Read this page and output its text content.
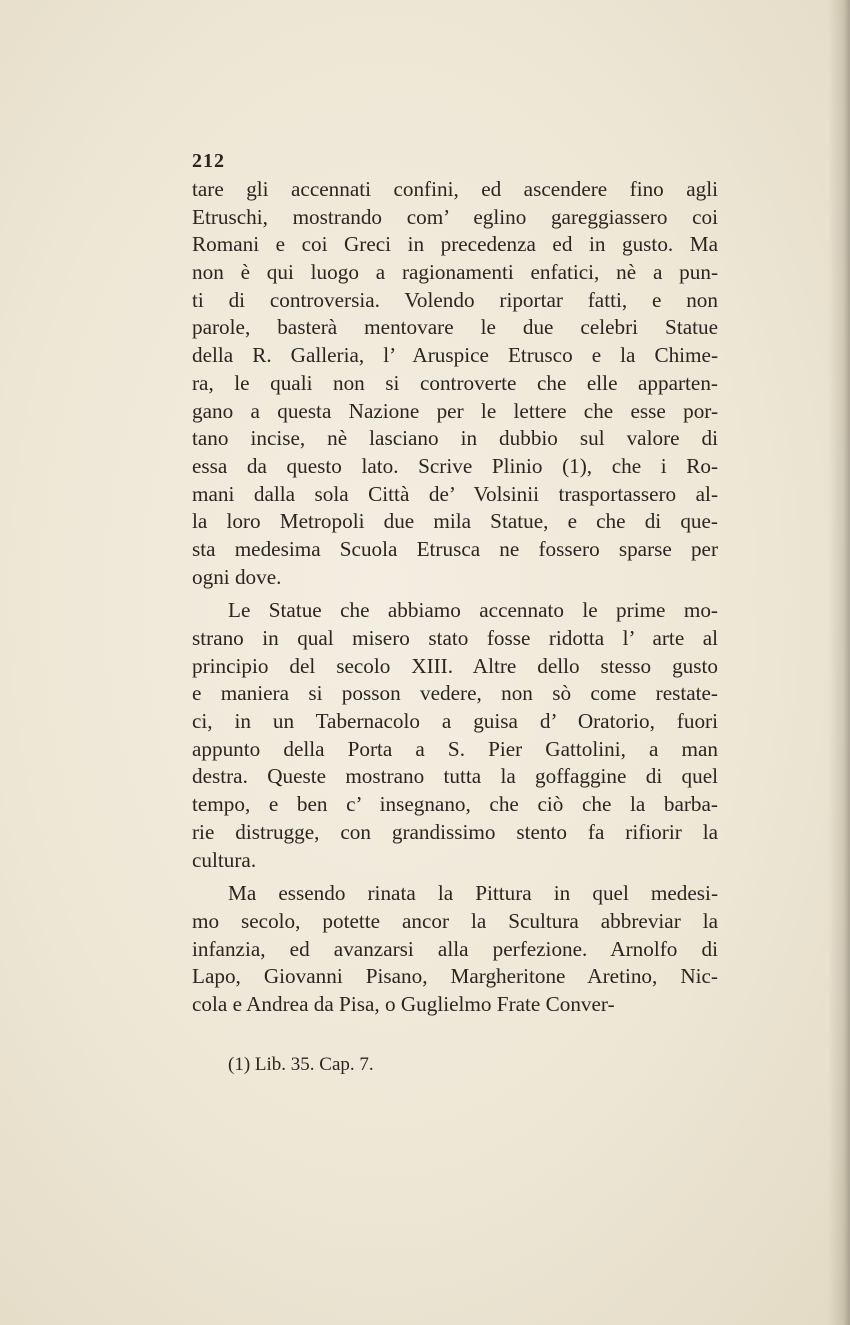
212
tare gli accennati confini, ed ascendere fino agli
Etruschi, mostrando com’ eglino gareggiassero coi
Romani e coi Greci in precedenza ed in gusto. Ma
non è qui luogo a ragionamenti enfatici, nè a pun-
ti di controversia. Volendo riportar fatti, e non
parole, basterà mentovare le due celebri Statue
della R. Galleria, l’ Aruspice Etrusco e la Chime-
ra, le quali non si controverte che elle apparten-
gano a questa Nazione per le lettere che esse por-
tano incise, nè lasciano in dubbio sul valore di
essa da questo lato. Scrive Plinio (1), che i Ro-
mani dalla sola Città de’ Volsinii trasportassero al-
la loro Metropoli due mila Statue, e che di que-
sta medesima Scuola Etrusca ne fossero sparse per
ogni dove.
Le Statue che abbiamo accennato le prime mo-
strano in qual misero stato fosse ridotta l’ arte al
principio del secolo XIII. Altre dello stesso gusto
e maniera si posson vedere, non sò come restate-
ci, in un Tabernacolo a guisa d’ Oratorio, fuori
appunto della Porta a S. Pier Gattolini, a man
destra. Queste mostrano tutta la goffaggine di quel
tempo, e ben c’ insegnano, che ciò che la barba-
rie distrugge, con grandissimo stento fa rifiorir la
cultura.
Ma essendo rinata la Pittura in quel medesi-
mo secolo, potette ancor la Scultura abbreviar la
infanzia, ed avanzarsi alla perfezione. Arnolfo di
Lapo, Giovanni Pisano, Margheritone Aretino, Nic-
cola e Andrea da Pisa, o Guglielmo Frate Conver-
(1) Lib. 35. Cap. 7.
